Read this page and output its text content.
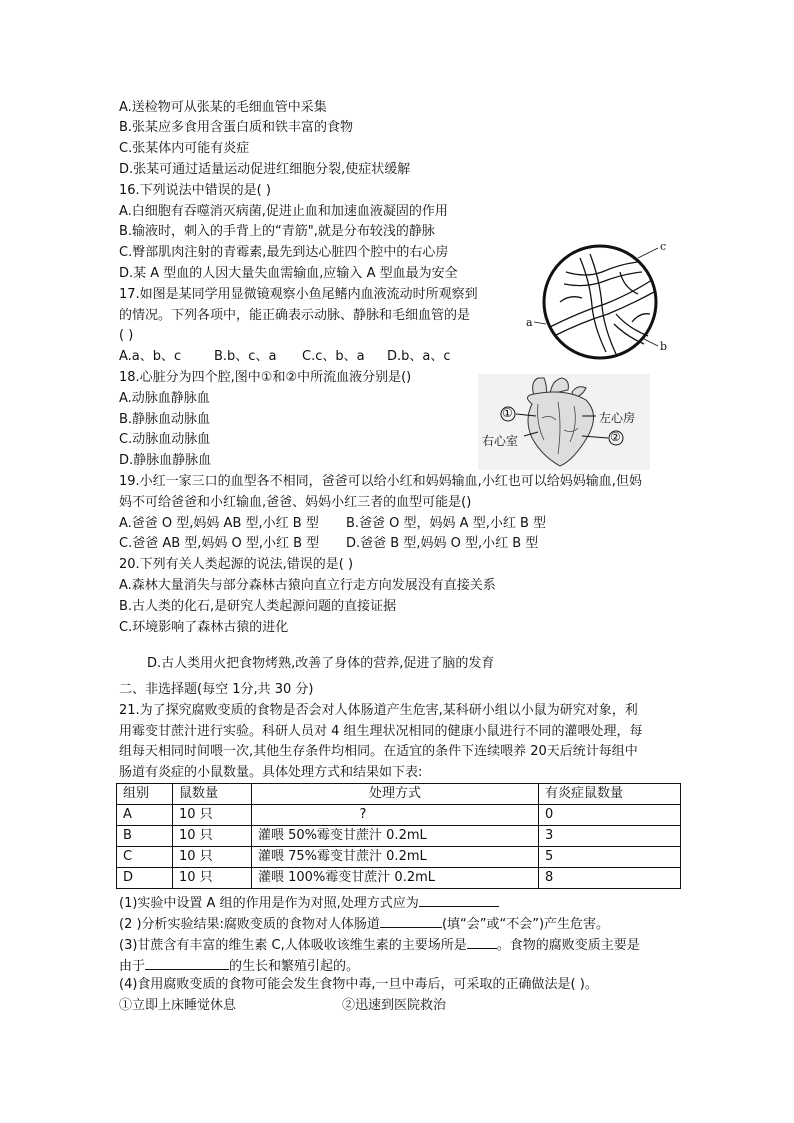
A.送检物可从张某的毛细血管中采集
B.张某应多食用含蛋白质和铁丰富的食物
C.张某体内可能有炎症
D.张某可通过适量运动促进红细胞分裂,使症状缓解
16.下列说法中错误的是( )
A.白细胞有吞噬消灭病菌,促进止血和加速血液凝固的作用
B.输液时，刺入的手背上的“青筋",就是分布较浅的静脉
C.臀部肌肉注射的青霉素,最先到达心脏四个腔中的右心房
D.某 A 型血的人因大量失血需输血,应输入 A 型血最为安全
17.如图是某同学用显微镜观察小鱼尾鳍内血液流动时所观察到
的情况。下列各项中，能正确表示动脉、静脉和毛细血管的是
( )
A.a、b、c	B.b、c、a C.c、b、a D.b、a、c
c
a
b
18.心脏分为四个腔,图中①和②中所流血液分别是()
A.动脉血静脉血
B.静脉血动脉血
C.动脉血动脉血
D.静脉血静脉血
①
②
左心房
右心室
19.小红一家三口的血型各不相同，爸爸可以给小红和妈妈输血,小红也可以给妈妈输血,但妈
妈不可给爸爸和小红输血,爸爸、妈妈小红三者的血型可能是()
A.爸爸 O 型,妈妈 AB 型,小红 B 型 B.爸爸 O 型，妈妈 A 型,小红 B 型
C.爸爸 AB 型,妈妈 O 型,小红 B 型 D.爸爸 B 型,妈妈 O 型,小红 B 型
20.下列有关人类起源的说法,错误的是( )
A.森林大量消失与部分森林古猿向直立行走方向发展没有直接关系
B.古人类的化石,是研究人类起源问题的直接证据
C.环境影响了森林古猿的进化
D.古人类用火把食物烤熟,改善了身体的营养,促进了脑的发育
二、非选择题(每空 1分,共 30 分)
21.为了探究腐败变质的食物是否会对人体肠道产生危害,某科研小组以小鼠为研究对象，利
用霉变甘蔗汁进行实验。科研人员对 4 组生理状况相同的健康小鼠进行不同的灌喂处理，每
组每天相同时间喂一次,其他生存条件均相同。在适宜的条件下连续喂养 20天后统计每组中
肠道有炎症的小鼠数量。具体处理方式和结果如下表:
组别	鼠数量	处理方式	有炎症鼠数量
A	10 只	?	0
B	10 只	灌喂 50%霉变甘蔗汁 0.2mL	3
C	10 只	灌喂 75%霉变甘蔗汁 0.2mL	5
D	10 只	灌喂 100%霉变甘蔗汁 0.2mL	8
(1)实验中设置 A 组的作用是作为对照,处理方式应为
(2 )分析实验结果:腐败变质的食物对人体肠道	(填“会”或“不会”)产生危害。
(3)甘蔗含有丰富的维生素 C,人体吸收该维生素的主要场所是 。食物的腐败变质主要是
由于	的生长和繁殖引起的。
(4)食用腐败变质的食物可能会发生食物中毒,一旦中毒后，可采取的正确做法是( )。
①立即上床睡觉休息	②迅速到医院救治
